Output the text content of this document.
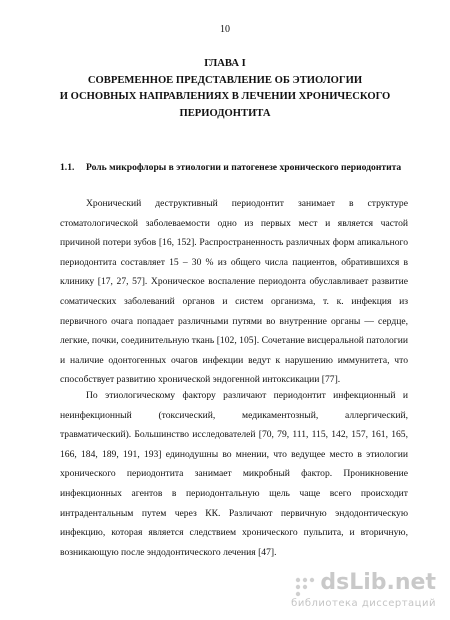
10
ГЛАВА I
СОВРЕМЕННОЕ ПРЕДСТАВЛЕНИЕ ОБ ЭТИОЛОГИИ
И ОСНОВНЫХ НАПРАВЛЕНИЯХ В ЛЕЧЕНИИ ХРОНИЧЕСКОГО
ПЕРИОДОНТИТА
1.1. Роль микрофлоры в этиологии и патогенезе хронического периодонтита

Хронический деструктивный периодонтит занимает в структуре стоматологической заболеваемости одно из первых мест и является частой причиной потери зубов [16, 152]. Распространенность различных форм апикального периодонтита составляет 15 – 30 % из общего числа пациентов, обратившихся в клинику [17, 27, 57]. Хроническое воспаление периодонта обуславливает развитие соматических заболеваний органов и систем организма, т. к. инфекция из первичного очага попадает различными путями во внутренние органы — сердце, легкие, почки, соединительную ткань [102, 105]. Сочетание висцеральной патологии и наличие одонтогенных очагов инфекции ведут к нарушению иммунитета, что способствует развитию хронической эндогенной интоксикации [77].

По этиологическому фактору различают периодонтит инфекционный и неинфекционный (токсический, медикаментозный, аллергический, травматический). Большинство исследователей [70, 79, 111, 115, 142, 157, 161, 165, 166, 184, 189, 191, 193] единодушны во мнении, что ведущее место в этиологии хронического периодонтита занимает микробный фактор. Проникновение инфекционных агентов в периодонтальную щель чаще всего происходит интрадентальным путем через КК. Различают первичную эндодонтическую инфекцию, которая является следствием хронического пульпита, и вторичную, возникающую после эндодонтического лечения [47].

dsLib.net
библиотека диссертаций
